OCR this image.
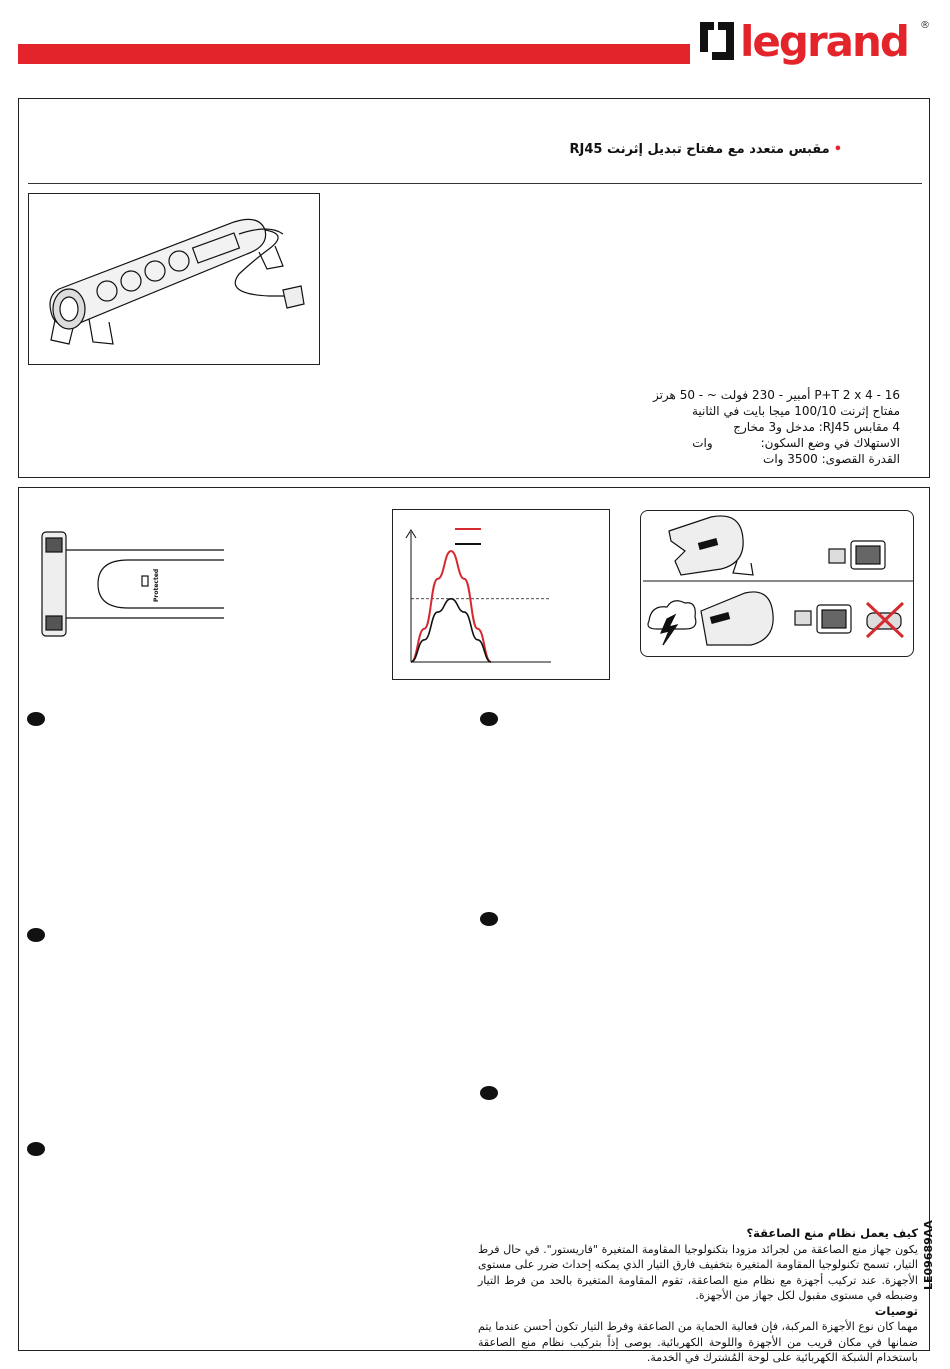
legrand ®
•مقبس متعدد مع مفتاح تبديل إثرنت RJ45
16 - P+T 2 x 4 أمبير - 230 فولت ~ - 50 هرتز
مفتاح إثرنت 100/10 ميجا بايت في الثانية
4 مقابس RJ45: مدخل و3 مخارج
الاستهلاك في وضع السكون:وات
القدرة القصوى: 3500 وات
Protected

كيف يعمل نظام منع الصاعقة؟

يكون جهاز منع الصاعقة من لجرائد مزودا بتكنولوجيا المقاومة المتغيرة "فاريستور". في حال فرط التيار، تسمح تكنولوجيا المقاومة المتغيرة بتخفيف فارق التيار الذي يمكنه إحداث ضرر على مستوى الأجهزة. عند تركيب أجهزة مع نظام منع الصاعقة، تقوم المقاومة المتغيرة بالحد من فرط التيار وضبطه في مستوى مقبول لكل جهاز من الأجهزة.

توصيات

مهما كان نوع الأجهزة المركبة، فإن فعالية الحماية من الصاعقة وفرط التيار تكون أحسن عندما يتم ضمانها في مكان قريب من الأجهزة واللوحة الكهربائية. يوصى إذاً بتركيب نظام منع الصاعقة باستخدام الشبكة الكهربائية على لوحة المُشترك في الخدمة.

LE09689AA
